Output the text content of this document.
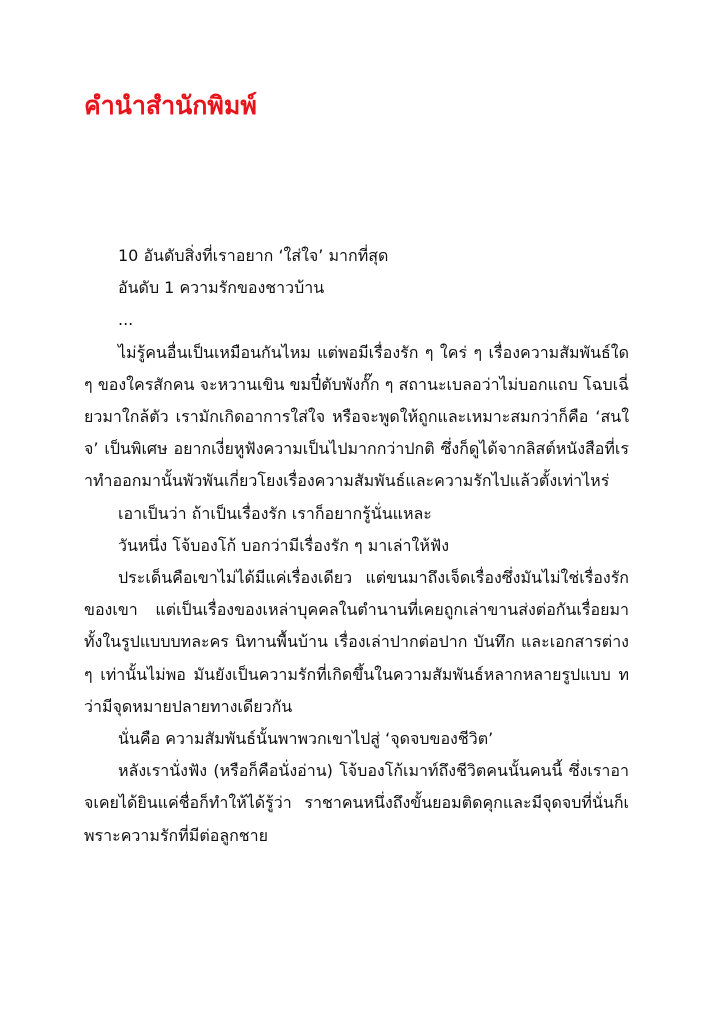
คำนำสำนักพิมพ์

10 อันดับสิ่งที่เราอยาก ‘ใส่ใจ’ มากที่สุด

อันดับ 1 ความรักของชาวบ้าน

...

ไม่รู้คนอื่นเป็นเหมือนกันไหม แต่พอมีเรื่องรัก ๆ ใคร่ ๆ เรื่องความสัมพันธ์ใด ๆ ของใครสักคน จะหวานเขิน ขมปี๋ตับพังกั๊ก ๆ สถานะเบลอว่าไม่บอกแถบ โฉบเฉี่ยวมาใกล้ตัว เรามักเกิดอาการใส่ใจ หรือจะพูดให้ถูกและเหมาะสมกว่าก็คือ ‘สนใจ’ เป็นพิเศษ อยากเงี่ยหูฟังความเป็นไปมากกว่าปกติ ซึ่งก็ดูได้จากลิสต์หนังสือที่เราทำออกมานั้นพัวพันเกี่ยวโยงเรื่องความสัมพันธ์และความรักไปแล้วตั้งเท่าไหร่

เอาเป็นว่า ถ้าเป็นเรื่องรัก เราก็อยากรู้นั่นแหละ

วันหนึ่ง โจ้บองโก้ บอกว่ามีเรื่องรัก ๆ มาเล่าให้ฟัง

ประเด็นคือเขาไม่ได้มีแค่เรื่องเดียว แต่ขนมาถึงเจ็ดเรื่องซึ่งมันไม่ใช่เรื่องรักของเขา แต่เป็นเรื่องของเหล่าบุคคลในตำนานที่เคยถูกเล่าขานส่งต่อกันเรื่อยมา ทั้งในรูปแบบบทละคร นิทานพื้นบ้าน เรื่องเล่าปากต่อปาก บันทึก และเอกสารต่าง ๆ เท่านั้นไม่พอ มันยังเป็นความรักที่เกิดขึ้นในความสัมพันธ์หลากหลายรูปแบบ ทว่ามีจุดหมายปลายทางเดียวกัน

นั่นคือ ความสัมพันธ์นั้นพาพวกเขาไปสู่ ‘จุดจบของชีวิต’

หลังเรานั่งฟัง (หรือก็คือนั่งอ่าน) โจ้บองโก้เมาท์ถึงชีวิตคนนั้นคนนี้ ซึ่งเราอาจเคยได้ยินแค่ชื่อก็ทำให้ได้รู้ว่า ราชาคนหนึ่งถึงขั้นยอมติดคุกและมีจุดจบที่นั่นก็เพราะความรักที่มีต่อลูกชาย
